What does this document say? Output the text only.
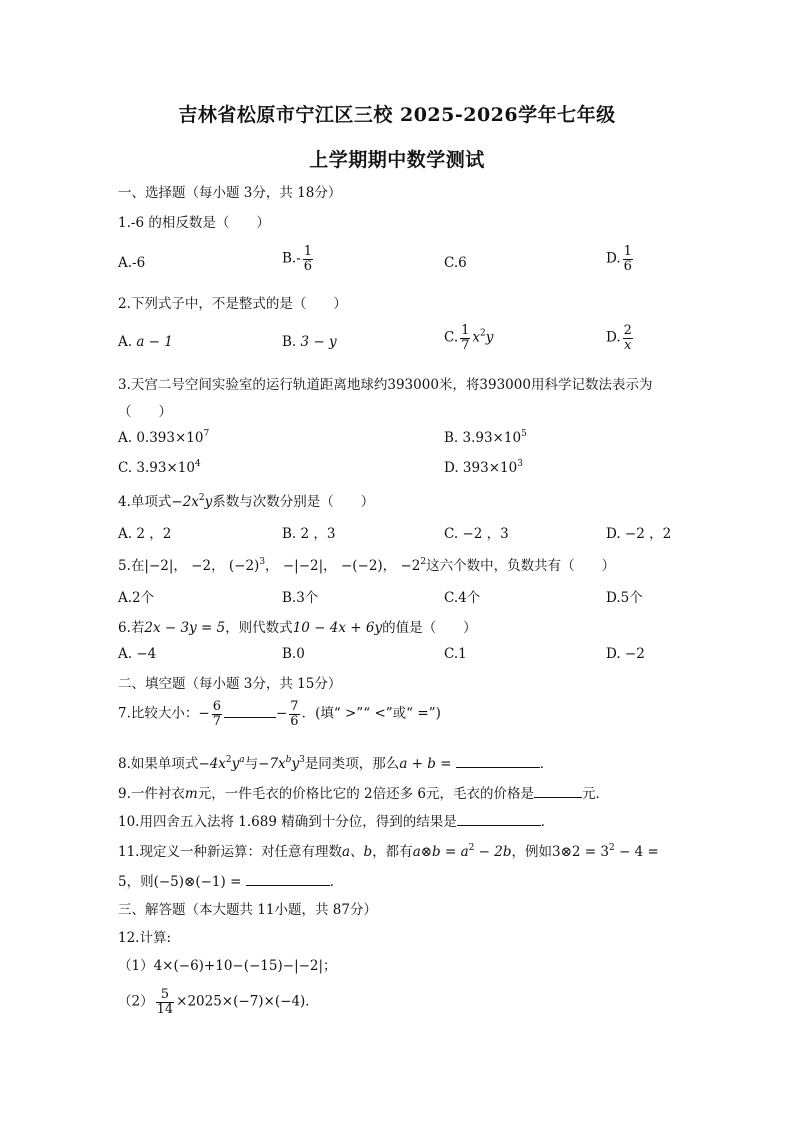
吉林省松原市宁江区三校 2025-2026学年七年级
上学期期中数学测试
一、选择题（每小题 3分，共 18分）
1.-6 的相反数是（　　）
A.-6	$B.- \frac{1}{6}$	C.6	D. $\frac{1}{6}$
2.下列式子中，不是整式的是（　　）
A. a − 1	B. 3 − y	C. $\frac{1}{7} x^2y$	D. $\frac{2}{x}$
3.天宫二号空间实验室的运行轨道距离地球约393000米，将393000用科学记数法表示为
（　　）
A. $0.393\times 10^7$	B. $3.93\times 10^5$
C. $3.93\times 10^4$	D. $393\times 10^3$
4.单项式$-2x^2y$系数与次数分别是（　　）
A. 2 ，2	B. 2 ，3	C. −2 ，3	D. −2 ，2
5.在|−2|， −2， $(-2)^3$， −|−2|， −(−2)， $-2^2$这六个数中，负数共有（　　）
A.2个	B.3个	C.4个	D.5个
6.若2x − 3y = 5，则代数式10 − 4x + 6y的值是（　　）
A. −4	B.0	C.1	D. −2
二、填空题（每小题 3分，共 15分）
7.比较大小：− $\frac{6}{7}$	− $\frac{7}{6}$ ．(填“ >”“ <”或“ =”)
8.如果单项式$-4x^2y^a$与$-7x^by^3$是同类项，那么a + b =	．
9.一件衬衣m元，一件毛衣的价格比它的 2倍还多 6元，毛衣的价格是	元．
10.用四舍五入法将 1.689 精确到十分位，得到的结果是	．
11.现定义一种新运算：对任意有理数a、b，都有a⊗b = $a^2 - 2b$，例如3⊗2 = $3^2 - 4$ =
5，则(−5)⊗(−1) =	．
三、解答题（本大题共 11小题，共 87分）
12.计算:
（1）4×(−6)+10−(−15)−|−2|；
$(2) \frac{5}{14} \times 2025\times(-7)\times(-4)$．
